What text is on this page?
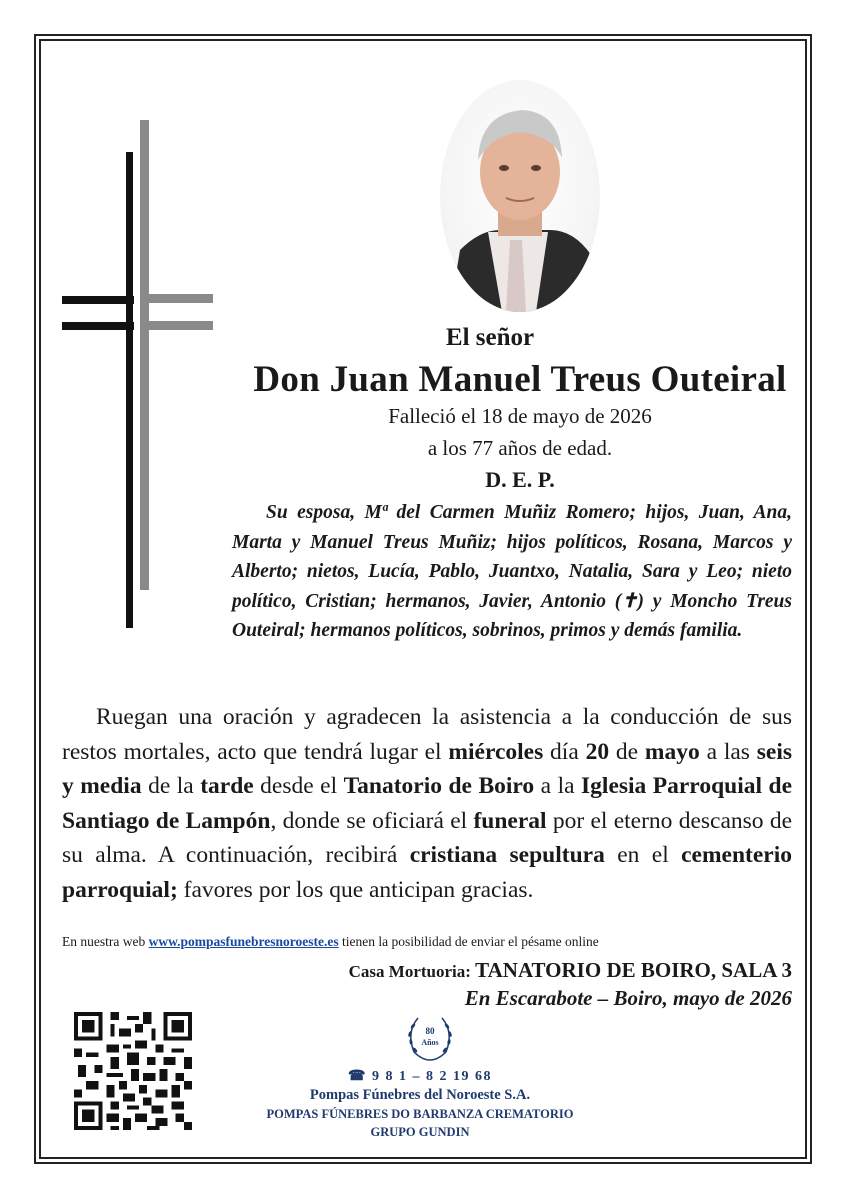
El señor
Don Juan Manuel Treus Outeiral
Falleció el 18 de mayo de 2026
a los 77 años de edad.
D. E. P.
Su esposa, Mª del Carmen Muñiz Romero; hijos, Juan, Ana, Marta y Manuel Treus Muñiz; hijos políticos, Rosana, Marcos y Alberto; nietos, Lucía, Pablo, Juantxo, Natalia, Sara y Leo; nieto político, Cristian; hermanos, Javier, Antonio (✝) y Moncho Treus Outeiral; hermanos políticos, sobrinos, primos y demás familia.
Ruegan una oración y agradecen la asistencia a la conducción de sus restos mortales, acto que tendrá lugar el miércoles día 20 de mayo a las seis y media de la tarde desde el Tanatorio de Boiro a la Iglesia Parroquial de Santiago de Lampón, donde se oficiará el funeral por el eterno descanso de su alma. A continuación, recibirá cristiana sepultura en el cementerio parroquial; favores por los que anticipan gracias.
En nuestra web www.pompasfunebresnoroeste.es tienen la posibilidad de enviar el pésame online
Casa Mortuoria: TANATORIO DE BOIRO, SALA 3
En Escarabote – Boiro, mayo de 2026
80
Años
☎ 9 8 1 – 8 2 19 68
Pompas Fúnebres del Noroeste S.A.
POMPAS FÚNEBRES DO BARBANZA CREMATORIO
GRUPO GUNDIN
